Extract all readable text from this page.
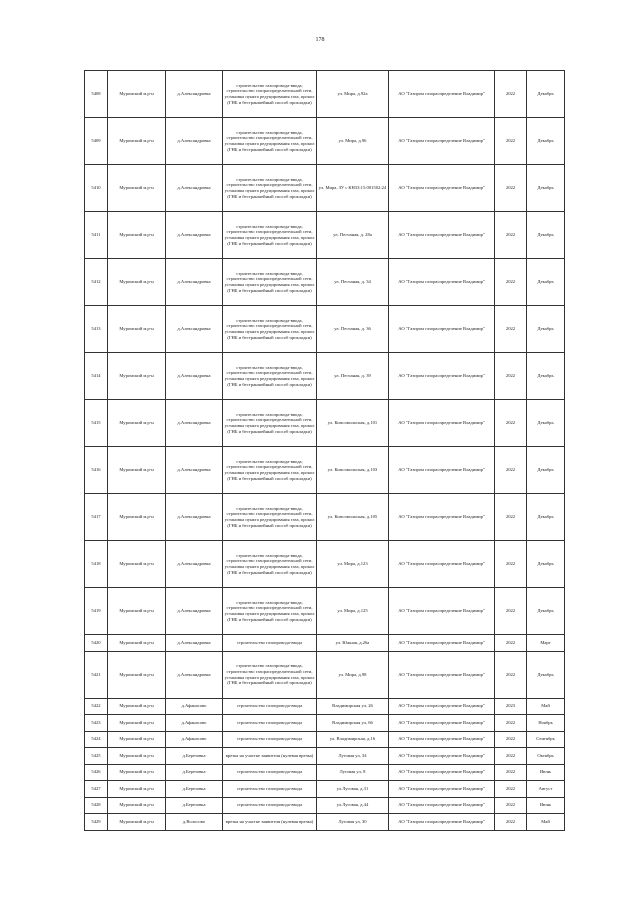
178
5408	Муромский м.р-н	д.Александровка	строительство газопровода-ввода, строительство газораспределительной сети, установка пункта редуцирования газа, прокол (ГНБ и бестраншейный способ прокладки)	ул. Мира, д.92а	АО "Газпром газораспределение Владимир"	2022	Декабрь
5409	Муромский м.р-н	д.Александровка	строительство газопровода-ввода, строительство газораспределительной сети, установка пункта редуцирования газа, прокол (ГНБ и бестраншейный способ прокладки)	ул. Мира, д.96	АО "Газпром газораспределение Владимир"	2022	Декабрь
5410	Муромский м.р-н	д.Александровка	строительство газопровода-ввода, строительство газораспределительной сети, установка пункта редуцирования газа, прокол (ГНБ и бестраншейный способ прокладки)	ул. Мира, ЗУ с КН33:15:001502:24	АО "Газпром газораспределение Владимир"	2022	Декабрь
5411	Муромский м.р-н	д.Александровка	строительство газопровода-ввода, строительство газораспределительной сети, установка пункта редуцирования газа, прокол (ГНБ и бестраншейный способ прокладки)	ул. Песчаная, д. 28а	АО "Газпром газораспределение Владимир"	2022	Декабрь
5412	Муромский м.р-н	д.Александровка	строительство газопровода-ввода, строительство газораспределительной сети, установка пункта редуцирования газа, прокол (ГНБ и бестраншейный способ прокладки)	ул. Песчаная, д. 34	АО "Газпром газораспределение Владимир"	2022	Декабрь
5413	Муромский м.р-н	д.Александровка	строительство газопровода-ввода, строительство газораспределительной сети, установка пункта редуцирования газа, прокол (ГНБ и бестраншейный способ прокладки)	ул. Песчаная, д. 36	АО "Газпром газораспределение Владимир"	2022	Декабрь
5414	Муромский м.р-н	д.Александровка	строительство газопровода-ввода, строительство газораспределительной сети, установка пункта редуцирования газа, прокол (ГНБ и бестраншейный способ прокладки)	ул. Песчаная, д. 39	АО "Газпром газораспределение Владимир"	2022	Декабрь
5415	Муромский м.р-н	д.Александровка	строительство газопровода-ввода, строительство газораспределительной сети, установка пункта редуцирования газа, прокол (ГНБ и бестраншейный способ прокладки)	ул. Комсомольская, д.101	АО "Газпром газораспределение Владимир"	2022	Декабрь
5416	Муромский м.р-н	д.Александровка	строительство газопровода-ввода, строительство газораспределительной сети, установка пункта редуцирования газа, прокол (ГНБ и бестраншейный способ прокладки)	ул. Комсомольская, д.103	АО "Газпром газораспределение Владимир"	2022	Декабрь
5417	Муромский м.р-н	д.Александровка	строительство газопровода-ввода, строительство газораспределительной сети, установка пункта редуцирования газа, прокол (ГНБ и бестраншейный способ прокладки)	ул. Комсомольская, д.105	АО "Газпром газораспределение Владимир"	2022	Декабрь
5418	Муромский м.р-н	д.Александровка	строительство газопровода-ввода, строительство газораспределительной сети, установка пункта редуцирования газа, прокол (ГНБ и бестраншейный способ прокладки)	ул. Мира, д.123	АО "Газпром газораспределение Владимир"	2022	Декабрь
5419	Муромский м.р-н	д.Александровка	строительство газопровода-ввода, строительство газораспределительной сети, установка пункта редуцирования газа, прокол (ГНБ и бестраншейный способ прокладки)	ул. Мира, д.125	АО "Газпром газораспределение Владимир"	2022	Декабрь
5420	Муромский м.р-н	д.Александровка	строительство газопровода-ввода	ул. Южная, д.26а	АО "Газпром газораспределение Владимир"	2022	Март
5421	Муромский м.р-н	д.Александровка	строительство газопровода-ввода, строительство газораспределительной сети, установка пункта редуцирования газа, прокол (ГНБ и бестраншейный способ прокладки)	ул. Мира, д.98	АО "Газпром газораспределение Владимир"	2022	Декабрь
5422	Муромский м.р-н	д.Афанасово	строительство газопровода-ввода	Владимирская ул, 26	АО "Газпром газораспределение Владимир"	2023	Май
5423	Муромский м.р-н	д.Афанасово	строительство газопровода-ввода	Владимирская ул, 66	АО "Газпром газораспределение Владимир"	2022	Ноябрь
5424	Муромский м.р-н	д.Афанасово	строительство газопровода-ввода	ул. Владимирская, д.16	АО "Газпром газораспределение Владимир"	2022	Сентябрь
5425	Муромский м.р-н	д.Березовка	врезка на участке заявителя (нулевая врезка)	Луговая ул, 34	АО "Газпром газораспределение Владимир"	2022	Октябрь
5426	Муромский м.р-н	д.Березовка	строительство газопровода-ввода	Луговая ул, 8	АО "Газпром газораспределение Владимир"	2022	Июнь
5427	Муромский м.р-н	д.Березовка	строительство газопровода-ввода	ул.Луговая, д.31	АО "Газпром газораспределение Владимир"	2022	Август
5428	Муромский м.р-н	д.Березовка	строительство газопровода-ввода	ул.Луговая, д.44	АО "Газпром газораспределение Владимир"	2022	Июнь
5429	Муромский м.р-н	д.Волосово	врезка на участке заявителя (нулевая врезка)	Луговая ул, 30	АО "Газпром газораспределение Владимир"	2022	Май
